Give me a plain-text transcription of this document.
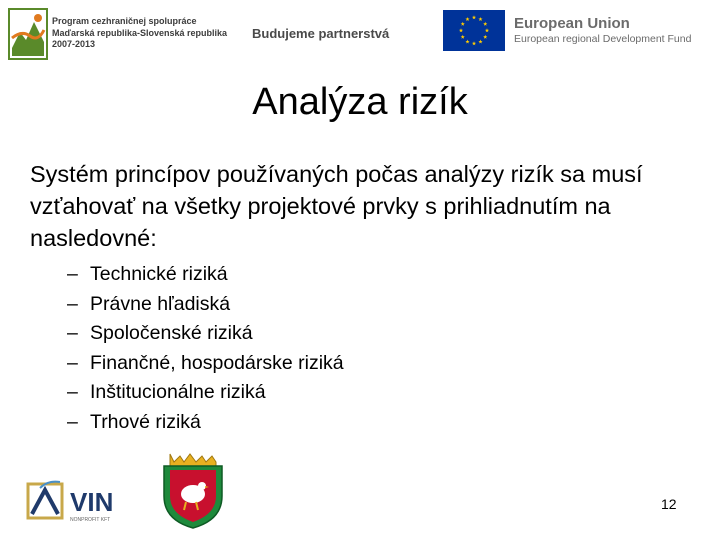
Program cezhraničnej spolupráce
Maďarská republika-Slovenská republika
2007-2013
Budujeme partnerstvá
European Union
European regional Development Fund
Analýza rizík
Systém princípov používaných počas analýzy rizík sa musí vzťahovať na všetky projektové prvky s prihliadnutím na nasledovné:
– Technické riziká
– Právne hľadiská
– Spoločenské riziká
– Finančné, hospodárske riziká
– Inštitucionálne riziká
– Trhové riziká
VIN
NONPROFIT KFT
12
